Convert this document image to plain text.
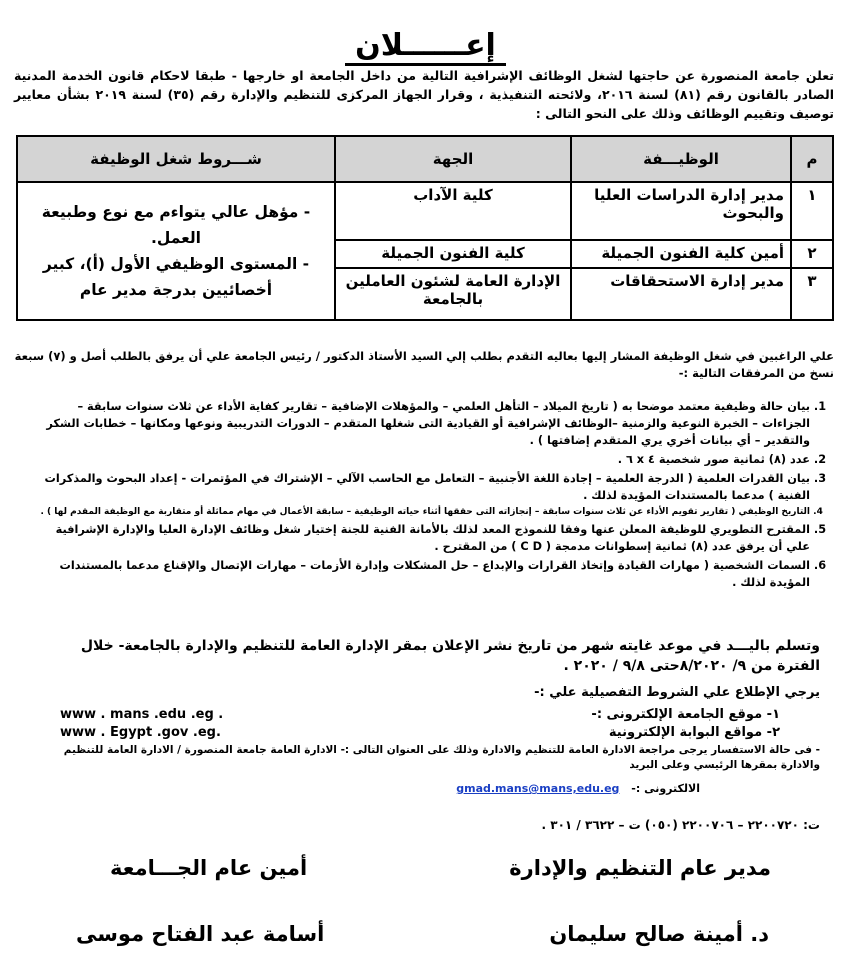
إعــــــلان
تعلن جامعة المنصورة عن حاجتها لشغل الوظائف الإشرافية التالية من داخل الجامعة او خارجها - طبقا لاحكام قانون الخدمة المدنية الصادر بالقانون رقم (٨١) لسنة ٢٠١٦، ولائحته التنفيذية ، وقرار الجهاز المركزى للتنظيم والإدارة رقم (٣٥) لسنة ٢٠١٩ بشأن معايير توصيف وتقييم الوظائف وذلك على النحو التالى :
م	الوظيـــفة	الجهة	شـــروط شغل الوظيفة
١	مدير إدارة الدراسات العليا والبحوث	كلية الآداب	- مؤهل عالي يتواءم مع نوع وطبيعة العمل.
- المستوى الوظيفي الأول (أ)، كبير أخصائيين بدرجة مدير عام

٢	أمين كلية الفنون الجميلة	كلية الفنون الجميلة	
٣	مدير إدارة الاستحقاقات	الإدارة العامة لشئون العاملين بالجامعة	
علي الراغبين في شغل الوظيفة المشار إليها بعاليه التقدم بطلب إلي السيد الأستاذ الدكتور / رئيس الجامعة علي أن يرفق بالطلب أصل و (٧) سبعة نسخ من المرفقات التالية :-
1. بيان حالة وظيفية معتمد موضحا به ( تاريخ الميلاد – التأهل العلمي – والمؤهلات الإضافية – تقارير كفاية الأداء عن ثلاث سنوات سابقة – الجزاءات – الخبرة النوعية والزمنية –الوظائف الإشرافية أو القيادية التى شغلها المتقدم – الدورات التدريبية ونوعها ومكانها – خطابات الشكر والتقدير – أي بيانات أخري يري المتقدم إضافتها ) .
2. عدد (٨) ثمانية صور شخصية ٤ x ٦ .
3. بيان القدرات العلمية ( الدرجة العلمية – إجادة اللغة الأجنبية – التعامل مع الحاسب الآلي – الإشتراك في المؤتمرات - إعداد البحوث والمذكرات الفنية ) مدعما بالمستندات المؤيدة لذلك .
4. التاريخ الوظيفي ( تقارير تقويم الأداء عن ثلاث سنوات سابقة – إنجازاته التى حققها أثناء حياته الوظيفية – سابقة الأعمال في مهام مماثلة أو متقاربة مع الوظيفة المقدم لها ) .
5. المقترح التطويري للوظيفة المعلن عنها وفقا للنموذج المعد لذلك بالأمانة الفنية للجنة إختيار شغل وظائف الإدارة العليا والإدارة الإشرافية علي أن يرفق عدد (٨) ثمانية إسطوانات مدمجة ( C D ) من المقترح .
6. السمات الشخصية ( مهارات القيادة وإتخاذ القرارات والإبداع – حل المشكلات وإدارة الأزمات – مهارات الإتصال والإقناع مدعما بالمستندات المؤيدة لذلك .
وتسلم باليـــد في موعد غايته شهر من تاريخ نشر الإعلان بمقر الإدارة العامة للتنظيم والإدارة بالجامعة- خلال الفترة من ٩/ ٨/٢٠٢٠حتى ٩/٨ / ٢٠٢٠ .
يرجي الإطلاع علي الشروط التفصيلية علي :-
١- موقع الجامعة الإلكترونى :-
www . mans .edu .eg .
٢- مواقع البوابة الإلكترونية
www . Egypt .gov .eg.
- فى حالة الاستفسار يرجى مراجعة الادارة العامة للتنظيم والادارة وذلك على العنوان التالى :- الادارة العامة جامعة المنصورة / الادارة العامة للتنظيم والادارة بمقرها الرئيسي وعلى البريد
الالكترونى :- gmad.mans@mans,edu.eg
ت: ٢٢٠٠٧٢٠ – ٢٢٠٠٧٠٦ (٠٥٠) ت – ٣٦٢٢ / ٣٠١ .
مدير عام التنظيم والإدارة
أمين عام الجـــامعة
د. أمينة صالح سليمان
أسامة عبد الفتاح موسى
